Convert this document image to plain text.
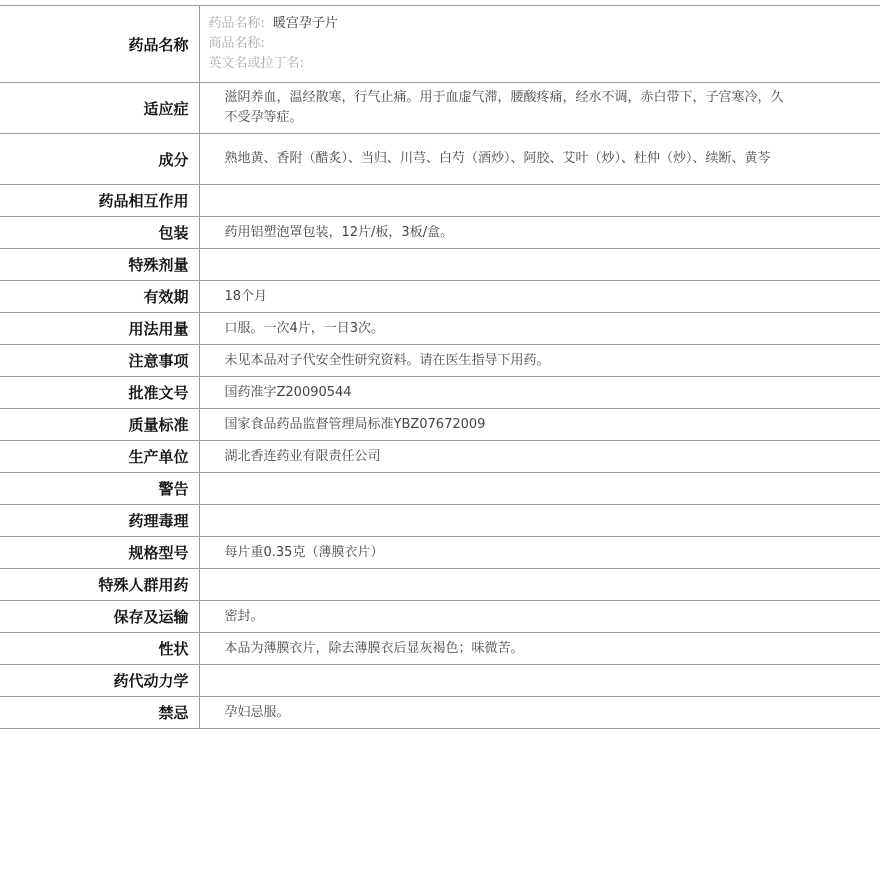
药品名称	药品名称: 暖宫孕子片
商品名称:
英文名或拉丁名:

适应症	滋阴养血，温经散寒，行气止痛。用于血虚气滞，腰酸疼痛，经水不调，赤白带下，子宫寒冷，久不受孕等症。
成分	熟地黄、香附（醋炙）、当归、川芎、白芍（酒炒）、阿胶、艾叶（炒）、杜仲（炒）、续断、黄芩
药品相互作用	
包装	药用铝塑泡罩包装，12片/板，3板/盒。
特殊剂量	
有效期	18个月
用法用量	口服。一次4片，一日3次。
注意事项	未见本品对子代安全性研究资料。请在医生指导下用药。
批准文号	国药准字Z20090544
质量标准	国家食品药品监督管理局标准YBZ07672009
生产单位	湖北香连药业有限责任公司
警告	
药理毒理	
规格型号	每片重0.35克（薄膜衣片）
特殊人群用药	
保存及运输	密封。
性状	本品为薄膜衣片，除去薄膜衣后显灰褐色；味微苦。
药代动力学	
禁忌	孕妇忌服。
